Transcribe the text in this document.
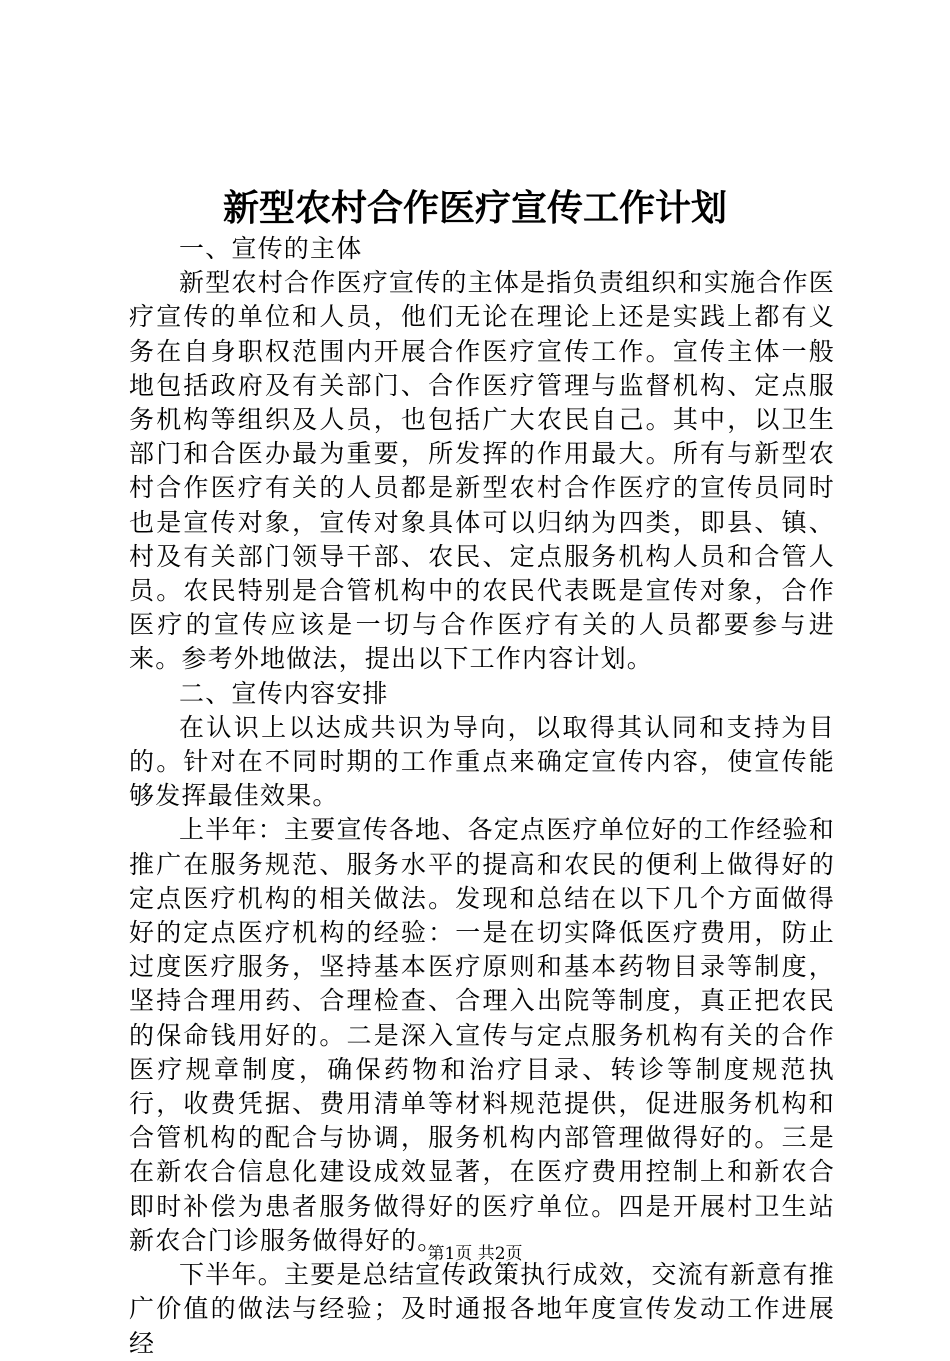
新型农村合作医疗宣传工作计划

一、宣传的主体

新型农村合作医疗宣传的主体是指负责组织和实施合作医疗宣传的单位和人员，他们无论在理论上还是实践上都有义务在自身职权范围内开展合作医疗宣传工作。宣传主体一般地包括政府及有关部门、合作医疗管理与监督机构、定点服务机构等组织及人员，也包括广大农民自己。其中，以卫生部门和合医办最为重要，所发挥的作用最大。所有与新型农村合作医疗有关的人员都是新型农村合作医疗的宣传员同时也是宣传对象，宣传对象具体可以归纳为四类，即县、镇、村及有关部门领导干部、农民、定点服务机构人员和合管人员。农民特别是合管机构中的农民代表既是宣传对象，合作医疗的宣传应该是一切与合作医疗有关的人员都要参与进来。参考外地做法，提出以下工作内容计划。

二、宣传内容安排

在认识上以达成共识为导向，以取得其认同和支持为目的。针对在不同时期的工作重点来确定宣传内容，使宣传能够发挥最佳效果。

上半年：主要宣传各地、各定点医疗单位好的工作经验和推广在服务规范、服务水平的提高和农民的便利上做得好的定点医疗机构的相关做法。发现和总结在以下几个方面做得好的定点医疗机构的经验：一是在切实降低医疗费用，防止过度医疗服务，坚持基本医疗原则和基本药物目录等制度，坚持合理用药、合理检查、合理入出院等制度，真正把农民的保命钱用好的。二是深入宣传与定点服务机构有关的合作医疗规章制度，确保药物和治疗目录、转诊等制度规范执行，收费凭据、费用清单等材料规范提供，促进服务机构和合管机构的配合与协调，服务机构内部管理做得好的。三是在新农合信息化建设成效显著，在医疗费用控制上和新农合即时补偿为患者服务做得好的医疗单位。四是开展村卫生站新农合门诊服务做得好的。

下半年。主要是总结宣传政策执行成效，交流有新意有推广价值的做法与经验；及时通报各地年度宣传发动工作进展经

第1页 共2页
